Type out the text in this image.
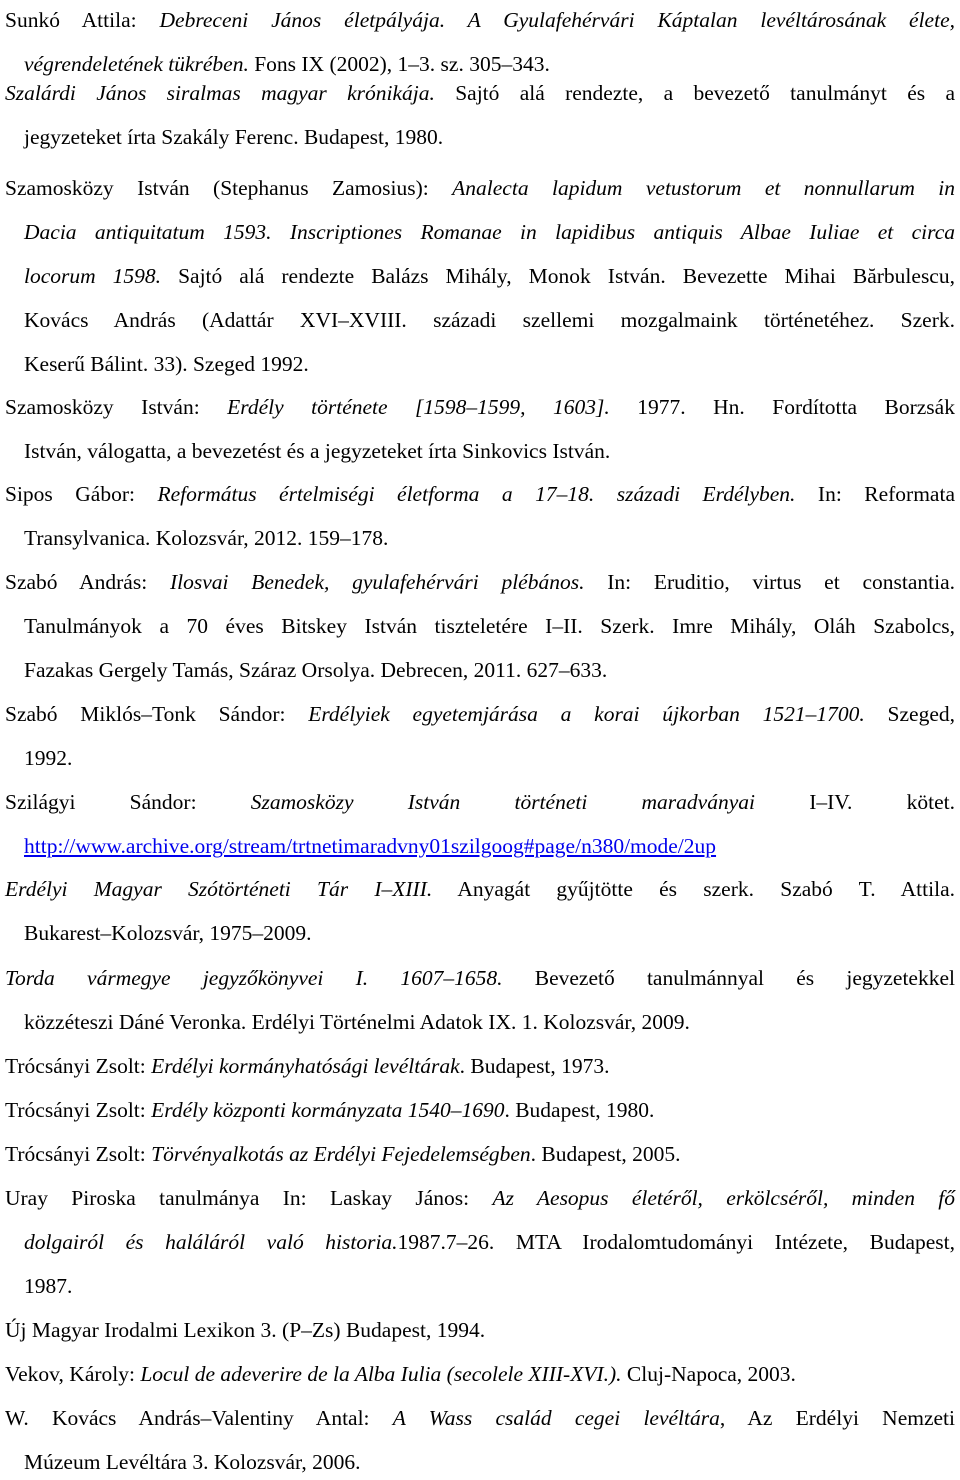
Sunkó Attila: Debreceni János életpályája. A Gyulafehérvári Káptalan levéltárosának élete,
végrendeletének tükrében. Fons IX (2002), 1–3. sz. 305–343.
Szalárdi János siralmas magyar krónikája. Sajtó alá rendezte, a bevezető tanulmányt és a
jegyzeteket írta Szakály Ferenc. Budapest, 1980.
Szamosközy István (Stephanus Zamosius): Analecta lapidum vetustorum et nonnullarum in
Dacia antiquitatum 1593. Inscriptiones Romanae in lapidibus antiquis Albae Iuliae et circa
locorum 1598. Sajtó alá rendezte Balázs Mihály, Monok István. Bevezette Mihai Bărbulescu,
Kovács András (Adattár XVI–XVIII. századi szellemi mozgalmaink történetéhez. Szerk.
Keserű Bálint. 33). Szeged 1992.
Szamosközy István: Erdély története [1598–1599, 1603]. 1977. Hn. Fordította Borzsák
István, válogatta, a bevezetést és a jegyzeteket írta Sinkovics István.
Sipos Gábor: Református értelmiségi életforma a 17–18. századi Erdélyben. In: Reformata
Transylvanica. Kolozsvár, 2012. 159–178.
Szabó András: Ilosvai Benedek, gyulafehérvári plébános. In: Eruditio, virtus et constantia.
Tanulmányok a 70 éves Bitskey István tiszteletére I–II. Szerk. Imre Mihály, Oláh Szabolcs,
Fazakas Gergely Tamás, Száraz Orsolya. Debrecen, 2011. 627–633.
Szabó Miklós–Tonk Sándor: Erdélyiek egyetemjárása a korai újkorban 1521–1700. Szeged,
1992.
Szilágyi Sándor: Szamosközy István történeti maradványai I–IV. kötet.
http://www.archive.org/stream/trtnetimaradvny01szilgoog#page/n380/mode/2up
Erdélyi Magyar Szótörténeti Tár I–XIII. Anyagát gyűjtötte és szerk. Szabó T. Attila.
Bukarest–Kolozsvár, 1975–2009.
Torda vármegye jegyzőkönyvei I. 1607–1658. Bevezető tanulmánnyal és jegyzetekkel
közzéteszi Dáné Veronka. Erdélyi Történelmi Adatok IX. 1. Kolozsvár, 2009.
Trócsányi Zsolt: Erdélyi kormányhatósági levéltárak. Budapest, 1973.
Trócsányi Zsolt: Erdély központi kormányzata 1540–1690. Budapest, 1980.
Trócsányi Zsolt: Törvényalkotás az Erdélyi Fejedelemségben. Budapest, 2005.
Uray Piroska tanulmánya In: Laskay János: Az Aesopus életéről, erkölcséről, minden fő
dolgairól és haláláról való historia.1987.7–26. MTA Irodalomtudományi Intézete, Budapest,
1987.
Új Magyar Irodalmi Lexikon 3. (P–Zs) Budapest, 1994.
Vekov, Károly: Locul de adeverire de la Alba Iulia (secolele XIII-XVI.). Cluj-Napoca, 2003.
W. Kovács András–Valentiny Antal: A Wass család cegei levéltára, Az Erdélyi Nemzeti
Múzeum Levéltára 3. Kolozsvár, 2006.
